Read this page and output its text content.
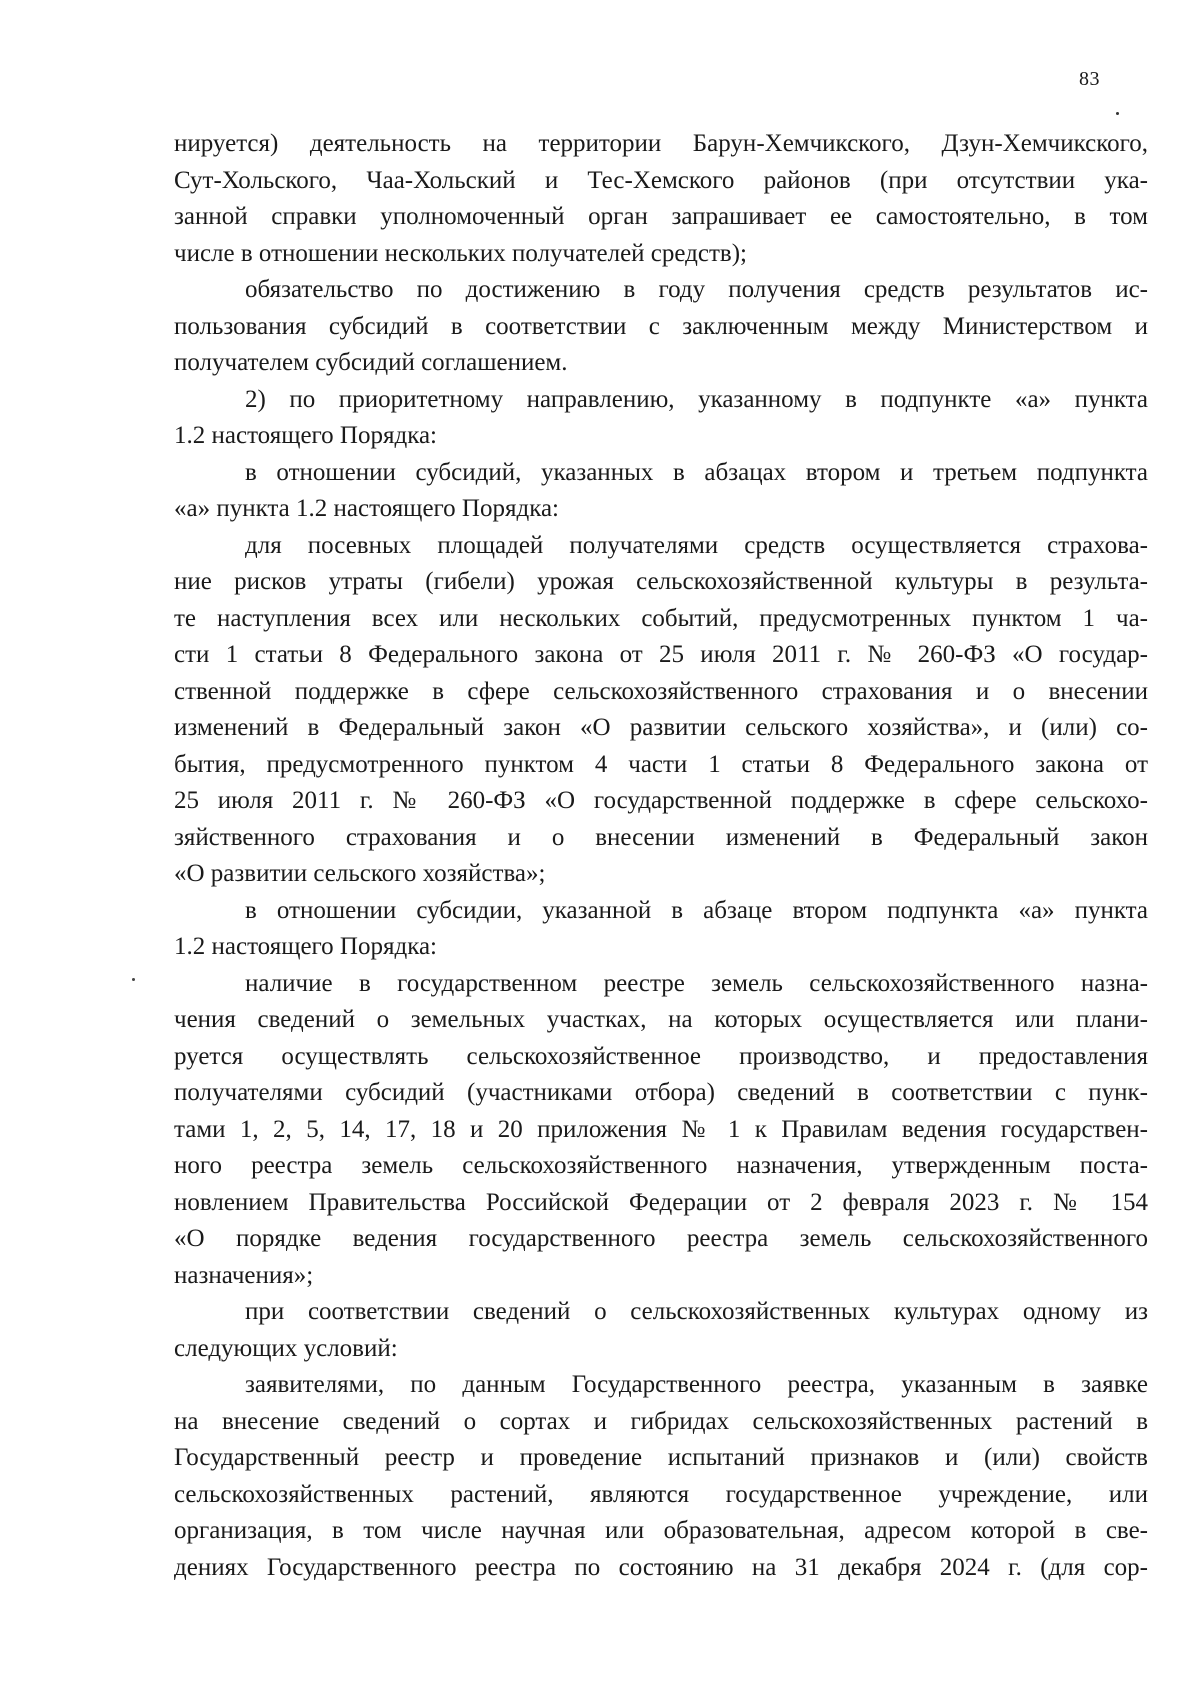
83
нируется) деятельность на территории Барун-Хемчикского, Дзун-Хемчикского,
Сут-Хольского, Чаа-Хольский и Тес-Хемского районов (при отсутствии ука-
занной справки уполномоченный орган запрашивает ее самостоятельно, в том
числе в отношении нескольких получателей средств);
обязательство по достижению в году получения средств результатов ис-
пользования субсидий в соответствии с заключенным между Министерством и
получателем субсидий соглашением.
2) по приоритетному направлению, указанному в подпункте «а» пункта
1.2 настоящего Порядка:
в отношении субсидий, указанных в абзацах втором и третьем подпункта
«а» пункта 1.2 настоящего Порядка:
для посевных площадей получателями средств осуществляется страхова-
ние рисков утраты (гибели) урожая сельскохозяйственной культуры в результа-
те наступления всех или нескольких событий, предусмотренных пунктом 1 ча-
сти 1 статьи 8 Федерального закона от 25 июля 2011 г. № 260-ФЗ «О государ-
ственной поддержке в сфере сельскохозяйственного страхования и о внесении
изменений в Федеральный закон «О развитии сельского хозяйства», и (или) со-
бытия, предусмотренного пунктом 4 части 1 статьи 8 Федерального закона от
25 июля 2011 г. № 260-ФЗ «О государственной поддержке в сфере сельскохо-
зяйственного страхования и о внесении изменений в Федеральный закон
«О развитии сельского хозяйства»;
в отношении субсидии, указанной в абзаце втором подпункта «а» пункта
1.2 настоящего Порядка:
наличие в государственном реестре земель сельскохозяйственного назна-
чения сведений о земельных участках, на которых осуществляется или плани-
руется осуществлять сельскохозяйственное производство, и предоставления
получателями субсидий (участниками отбора) сведений в соответствии с пунк-
тами 1, 2, 5, 14, 17, 18 и 20 приложения № 1 к Правилам ведения государствен-
ного реестра земель сельскохозяйственного назначения, утвержденным поста-
новлением Правительства Российской Федерации от 2 февраля 2023 г. № 154
«О порядке ведения государственного реестра земель сельскохозяйственного
назначения»;
при соответствии сведений о сельскохозяйственных культурах одному из
следующих условий:
заявителями, по данным Государственного реестра, указанным в заявке
на внесение сведений о сортах и гибридах сельскохозяйственных растений в
Государственный реестр и проведение испытаний признаков и (или) свойств
сельскохозяйственных растений, являются государственное учреждение, или
организация, в том числе научная или образовательная, адресом которой в све-
дениях Государственного реестра по состоянию на 31 декабря 2024 г. (для сор-
